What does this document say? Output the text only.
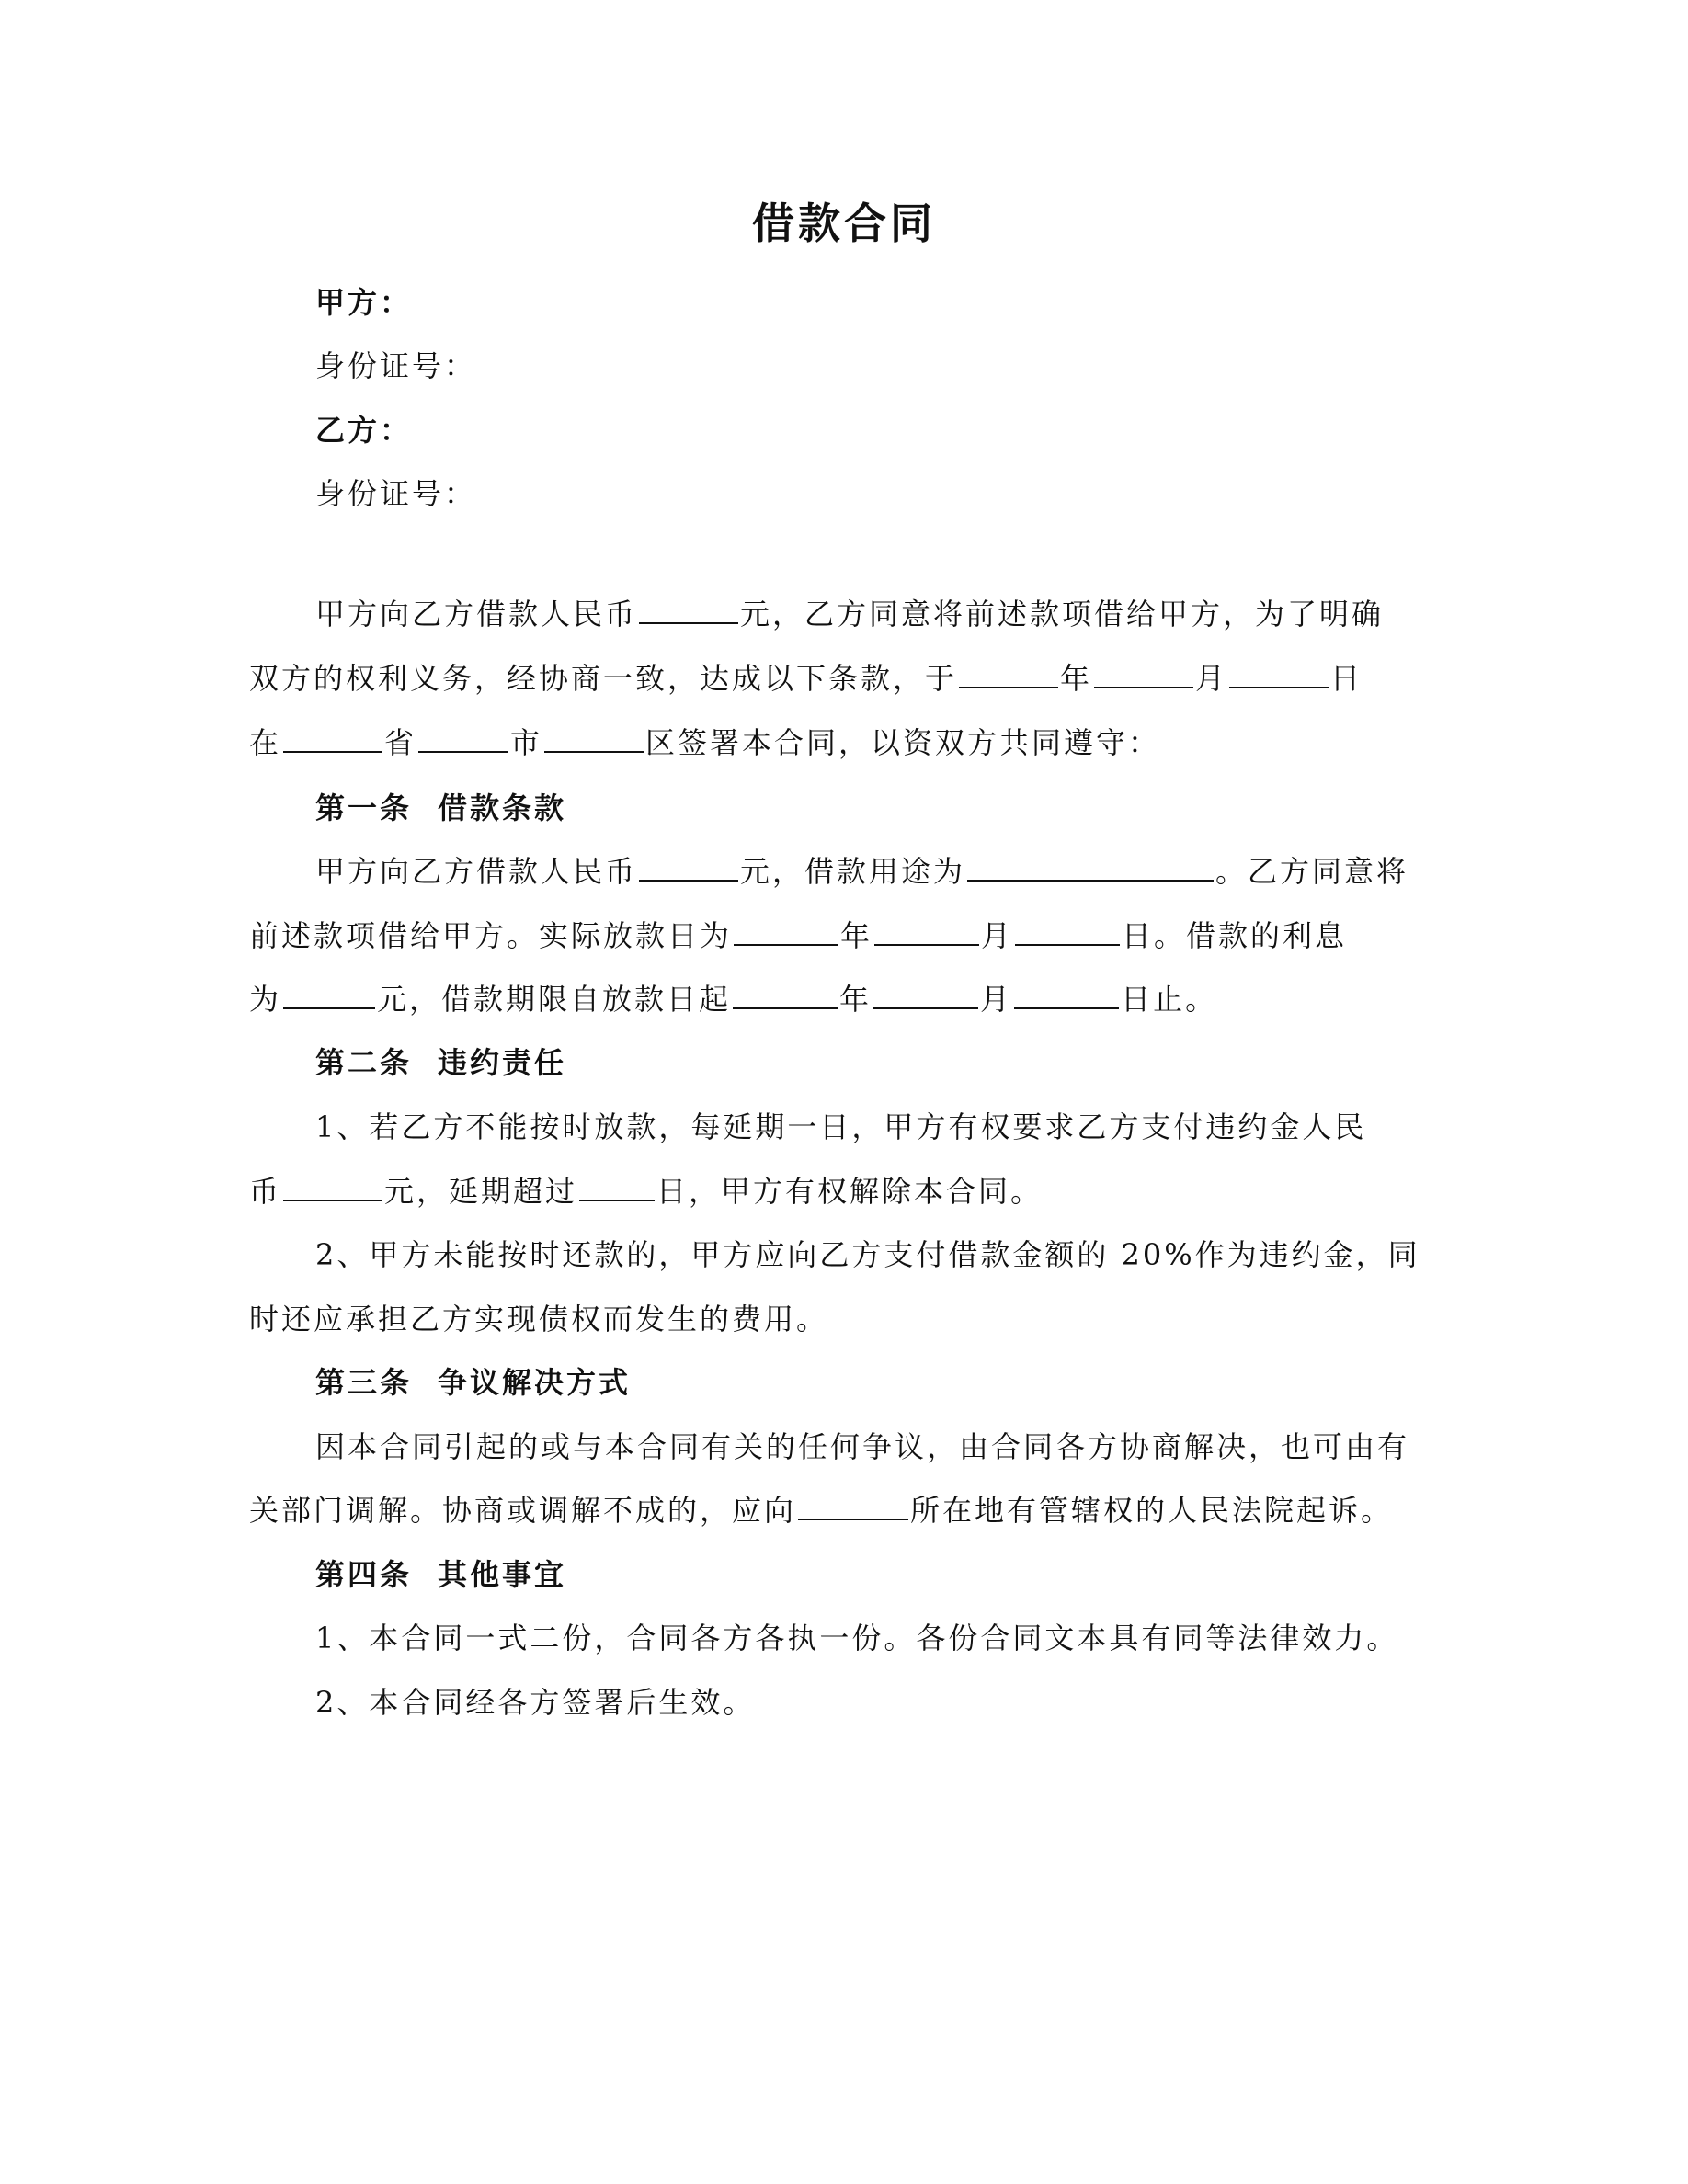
借款合同
甲方：
身份证号：
乙方：
身份证号：
甲方向乙方借款人民币	元，乙方同意将前述款项借给甲方，为了明确
双方的权利义务，经协商一致，达成以下条款，于	年	月	日
在	省	市	区签署本合同，以资双方共同遵守：
第一条 借款条款
甲方向乙方借款人民币	元，借款用途为	。乙方同意将
前述款项借给甲方。实际放款日为	年	月	日。借款的利息
为	元，借款期限自放款日起	年	月	日止。
第二条 违约责任
1、若乙方不能按时放款，每延期一日，甲方有权要求乙方支付违约金人民
币	元，延期超过	日，甲方有权解除本合同。
2、甲方未能按时还款的，甲方应向乙方支付借款金额的 20%作为违约金，同
时还应承担乙方实现债权而发生的费用。
第三条 争议解决方式
因本合同引起的或与本合同有关的任何争议，由合同各方协商解决，也可由有
关部门调解。协商或调解不成的，应向	所在地有管辖权的人民法院起诉。
第四条 其他事宜
1、本合同一式二份，合同各方各执一份。各份合同文本具有同等法律效力。
2、本合同经各方签署后生效。
